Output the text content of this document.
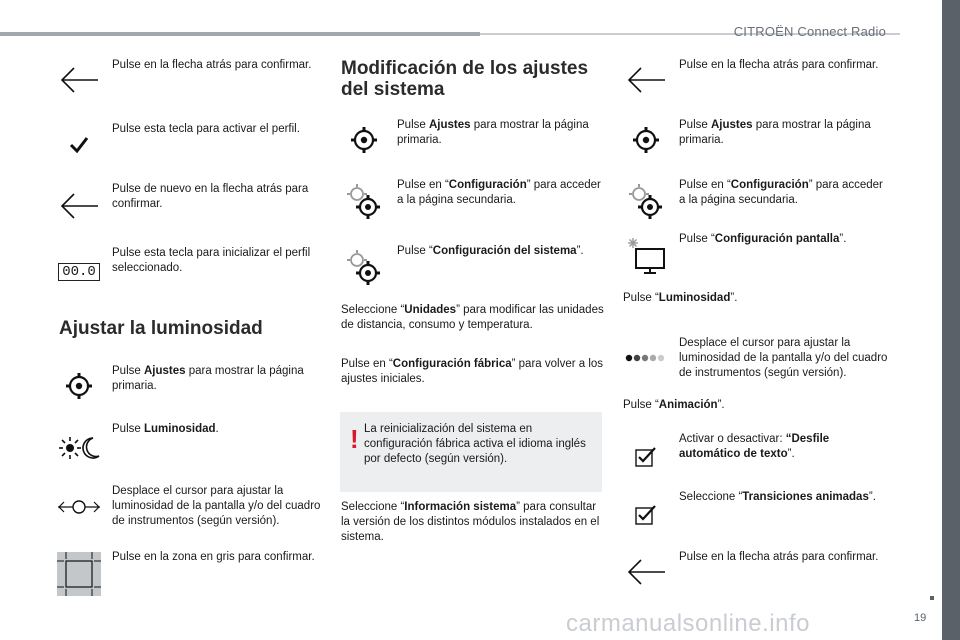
CITROËN Connect Radio
19
Pulse en la flecha atrás para confirmar.
Pulse esta tecla para activar el perfil.
Pulse de nuevo en la flecha atrás para confirmar.
00.0
Pulse esta tecla para inicializar el perfil seleccionado.
Ajustar la luminosidad
Pulse Ajustes para mostrar la página primaria.
Pulse Luminosidad.
Desplace el cursor para ajustar la luminosidad de la pantalla y/o del cuadro de instrumentos (según versión).
Pulse en la zona en gris para confirmar.
Modificación de los ajustes del sistema
Pulse Ajustes para mostrar la página primaria.
Pulse en “Configuración” para acceder a la página secundaria.
Pulse “Configuración del sistema”.
Seleccione “Unidades” para modificar las unidades de distancia, consumo y temperatura.
Pulse en “Configuración fábrica” para volver a los ajustes iniciales.
! La reinicialización del sistema en configuración fábrica activa el idioma inglés por defecto (según versión).
Seleccione “Información sistema” para consultar la versión de los distintos módulos instalados en el sistema.
Pulse en la flecha atrás para confirmar.
Pulse Ajustes para mostrar la página primaria.
Pulse en “Configuración” para acceder a la página secundaria.
Pulse “Configuración pantalla”.
Pulse “Luminosidad”.
Desplace el cursor para ajustar la luminosidad de la pantalla y/o del cuadro de instrumentos (según versión).
Pulse “Animación”.
Activar o desactivar: “Desfile automático de texto”.
Seleccione “Transiciones animadas”.
Pulse en la flecha atrás para confirmar.
carmanualsonline.info
